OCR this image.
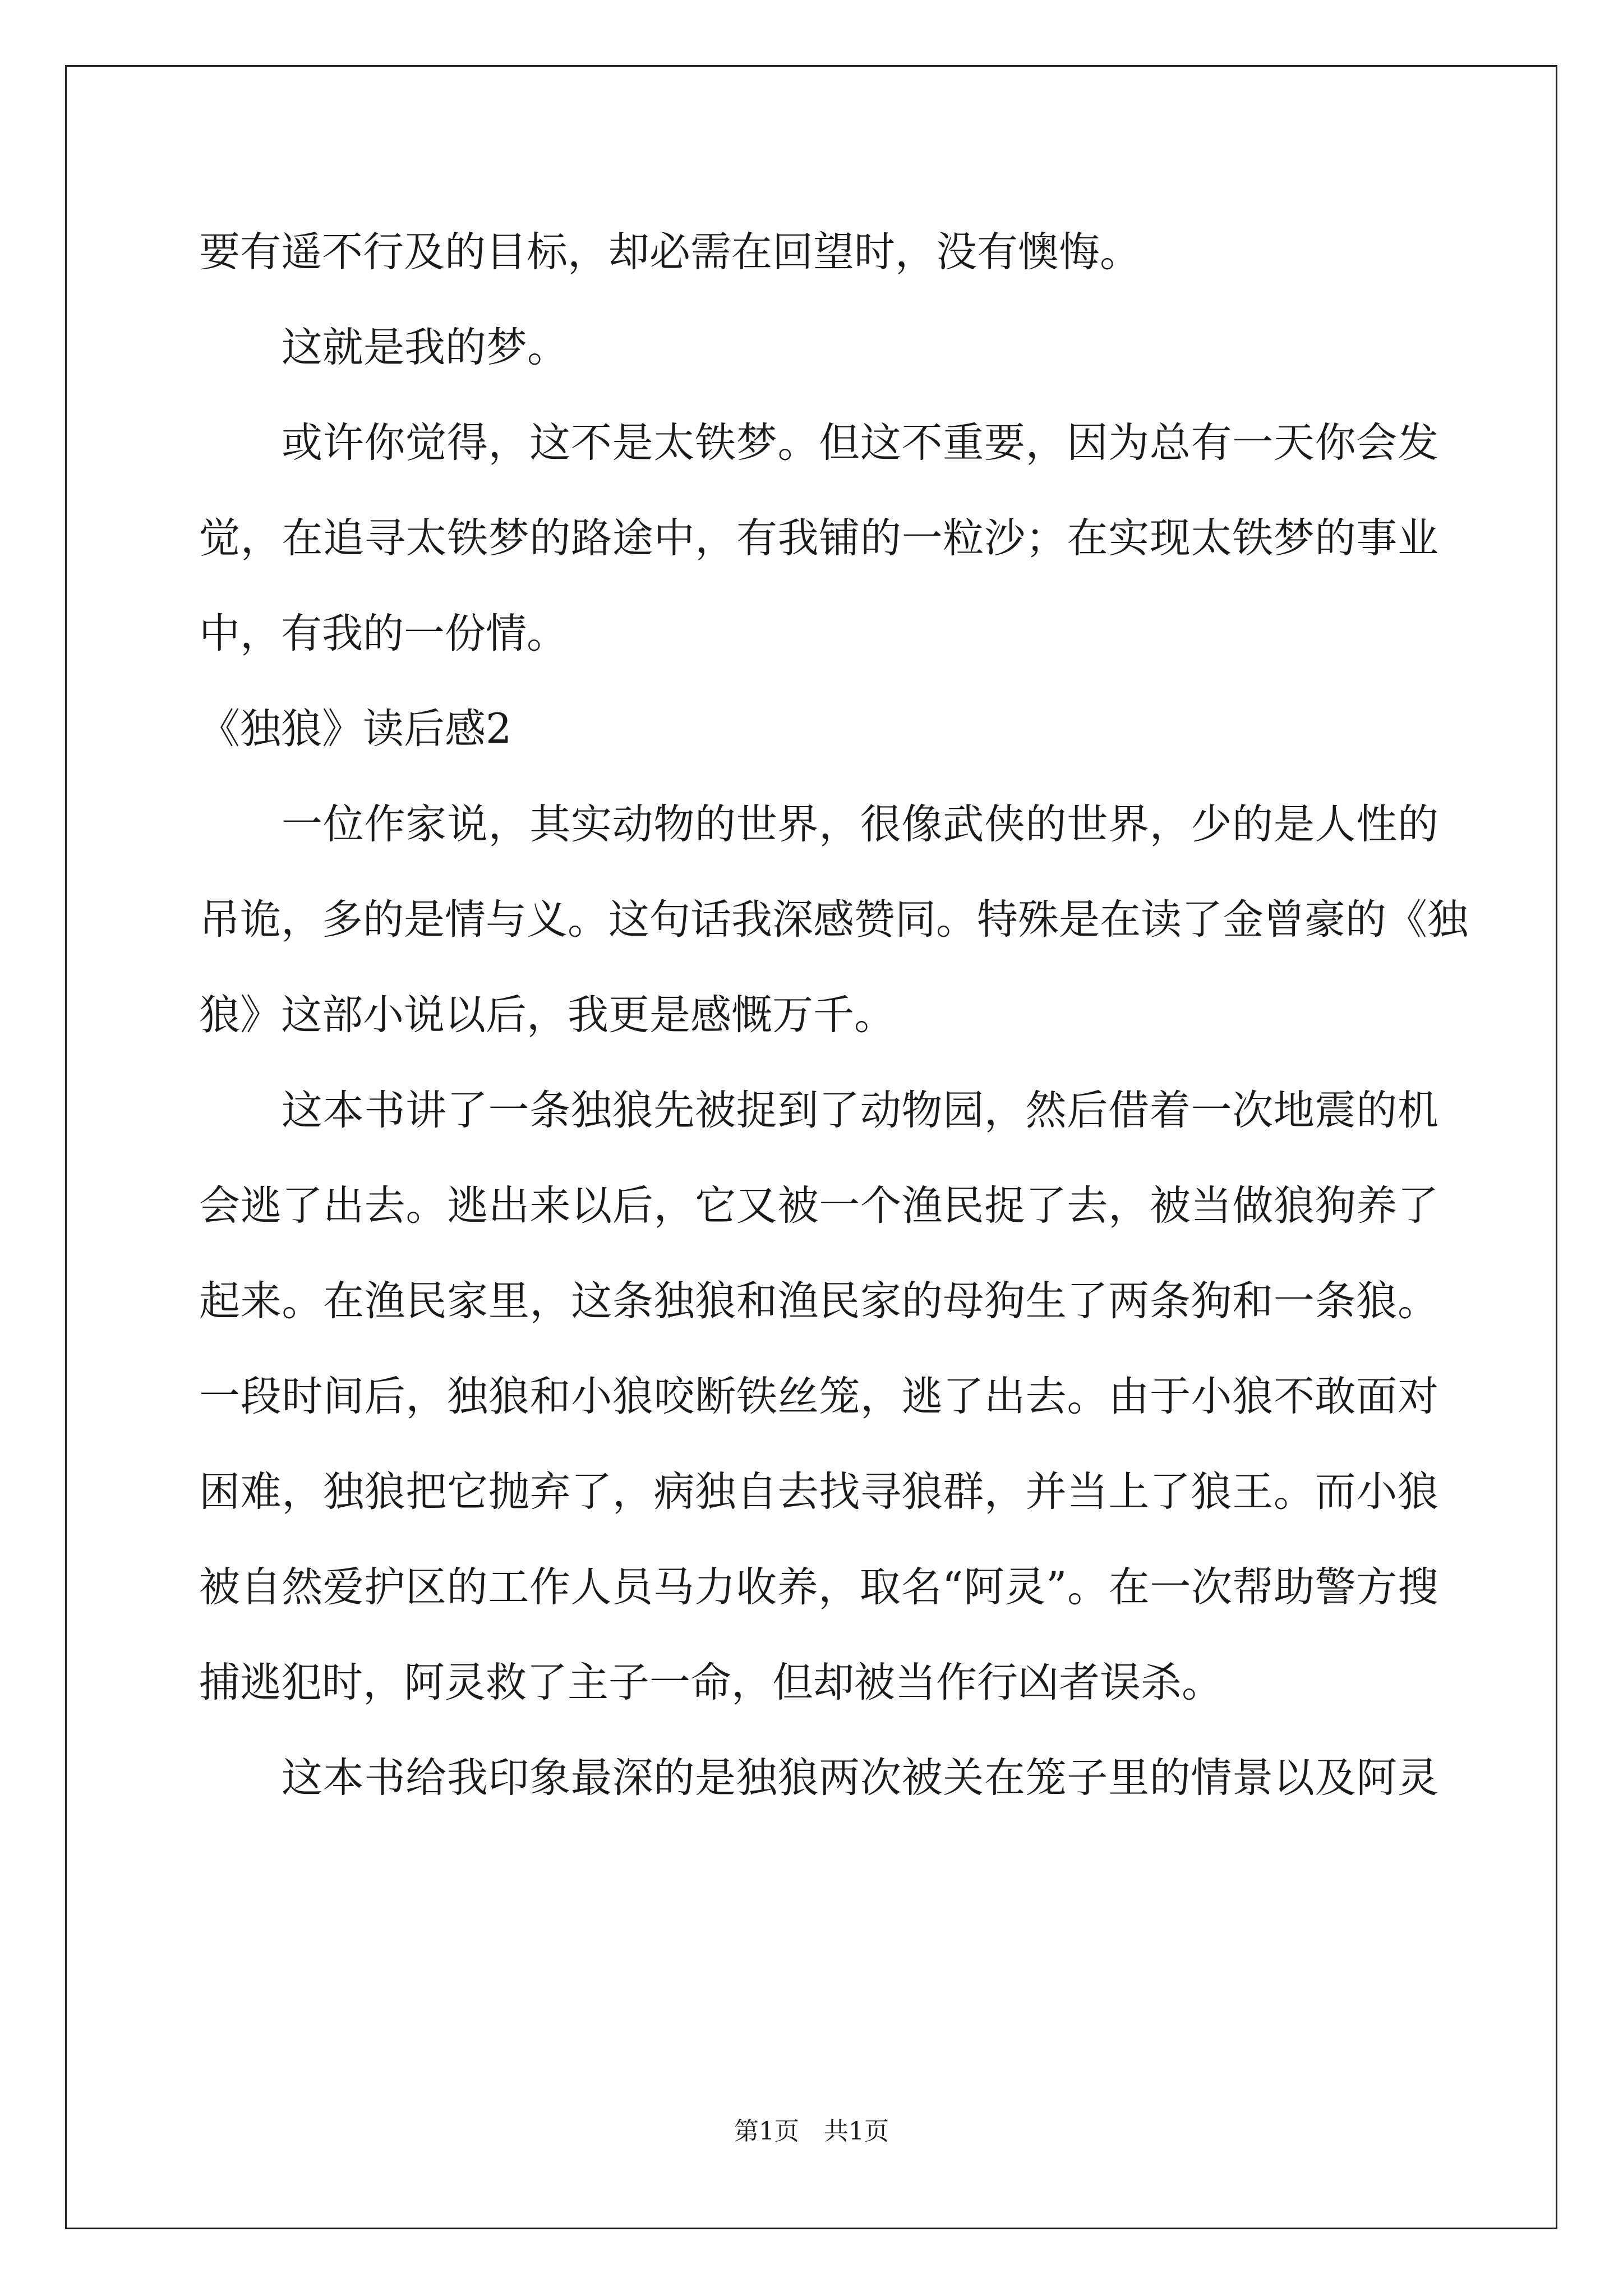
要有遥不行及的目标，却必需在回望时，没有懊悔。
这就是我的梦。
或许你觉得，这不是太铁梦。但这不重要，因为总有一天你会发
觉，在追寻太铁梦的路途中，有我铺的一粒沙；在实现太铁梦的事业
中，有我的一份情。
《独狼》读后感2
一位作家说，其实动物的世界，很像武侠的世界，少的是人性的
吊诡，多的是情与义。这句话我深感赞同。特殊是在读了金曾豪的《独
狼》这部小说以后，我更是感慨万千。
这本书讲了一条独狼先被捉到了动物园，然后借着一次地震的机
会逃了出去。逃出来以后，它又被一个渔民捉了去，被当做狼狗养了
起来。在渔民家里，这条独狼和渔民家的母狗生了两条狗和一条狼。
一段时间后，独狼和小狼咬断铁丝笼，逃了出去。由于小狼不敢面对
困难，独狼把它抛弃了，病独自去找寻狼群，并当上了狼王。而小狼
被自然爱护区的工作人员马力收养，取名“阿灵”。在一次帮助警方搜
捕逃犯时，阿灵救了主子一命，但却被当作行凶者误杀。
这本书给我印象最深的是独狼两次被关在笼子里的情景以及阿灵
第1页　共1页
